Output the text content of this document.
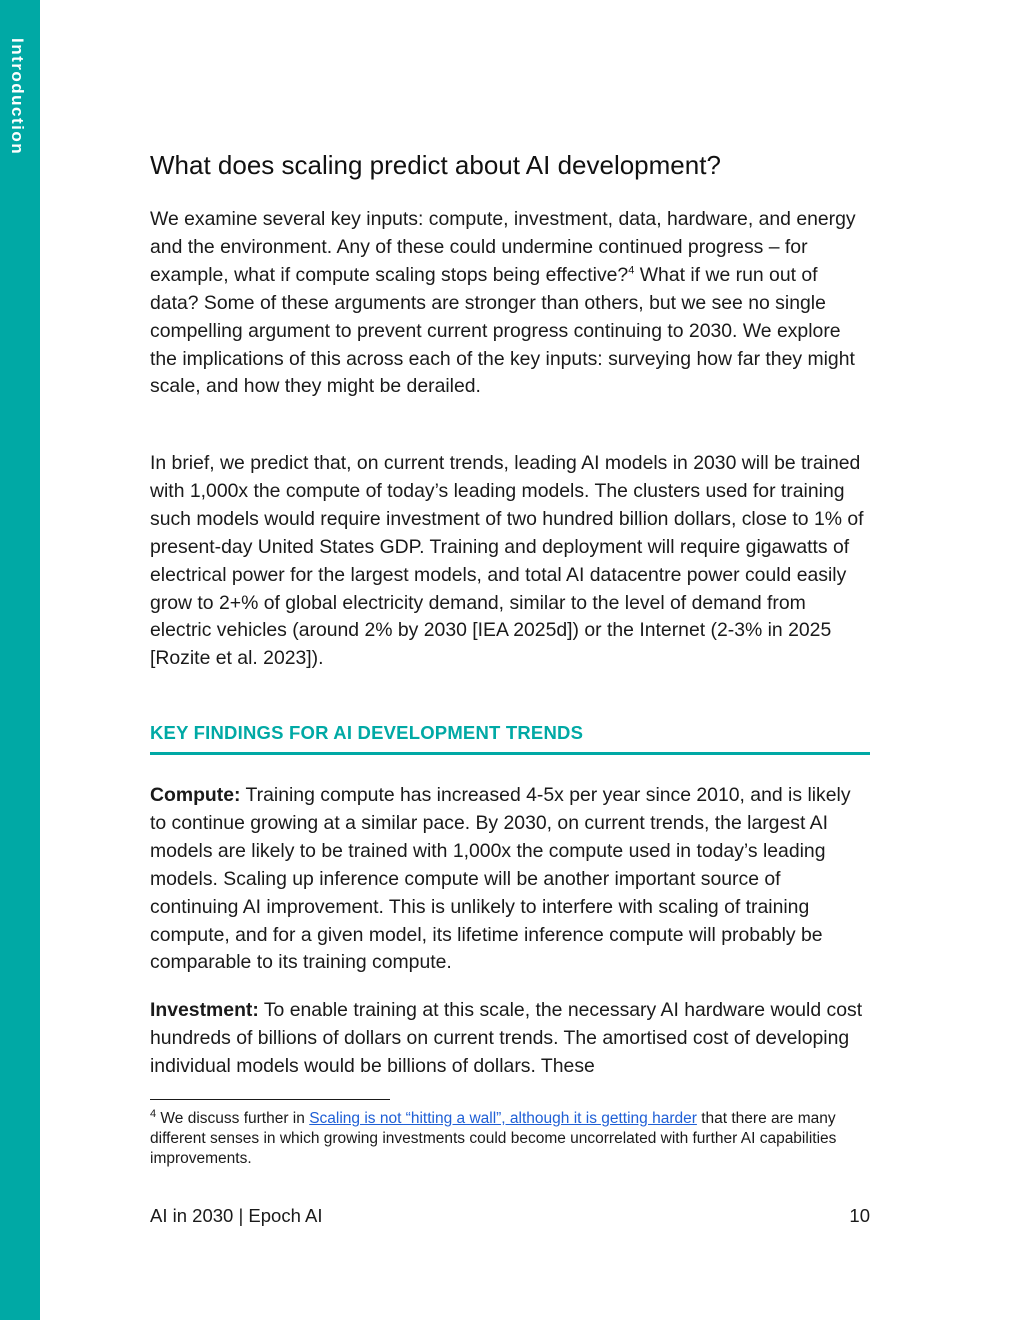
Introduction
What does scaling predict about AI development?

We examine several key inputs: compute, investment, data, hardware, and energy and the environment. Any of these could undermine continued progress – for example, what if compute scaling stops being effective?$^4$ What if we run out of data? Some of these arguments are stronger than others, but we see no single compelling argument to prevent current progress continuing to 2030. We explore the implications of this across each of the key inputs: surveying how far they might scale, and how they might be derailed.

In brief, we predict that, on current trends, leading AI models in 2030 will be trained with 1,000x the compute of today’s leading models. The clusters used for training such models would require investment of two hundred billion dollars, close to 1% of present-day United States GDP. Training and deployment will require gigawatts of electrical power for the largest models, and total AI datacentre power could easily grow to 2+% of global electricity demand, similar to the level of demand from electric vehicles (around 2% by 2030 [IEA 2025d]) or the Internet (2-3% in 2025 [Rozite et al. 2023]).

KEY FINDINGS FOR AI DEVELOPMENT TRENDS

Compute: Training compute has increased 4-5x per year since 2010, and is likely to continue growing at a similar pace. By 2030, on current trends, the largest AI models are likely to be trained with 1,000x the compute used in today’s leading models. Scaling up inference compute will be another important source of continuing AI improvement. This is unlikely to interfere with scaling of training compute, and for a given model, its lifetime inference compute will probably be comparable to its training compute.

Investment: To enable training at this scale, the necessary AI hardware would cost hundreds of billions of dollars on current trends. The amortised cost of developing individual models would be billions of dollars. These

$^4$ We discuss further in Scaling is not “hitting a wall”, although it is getting harder that there are many different senses in which growing investments could become uncorrelated with further AI capabilities improvements.
AI in 2030 | Epoch AI	10
